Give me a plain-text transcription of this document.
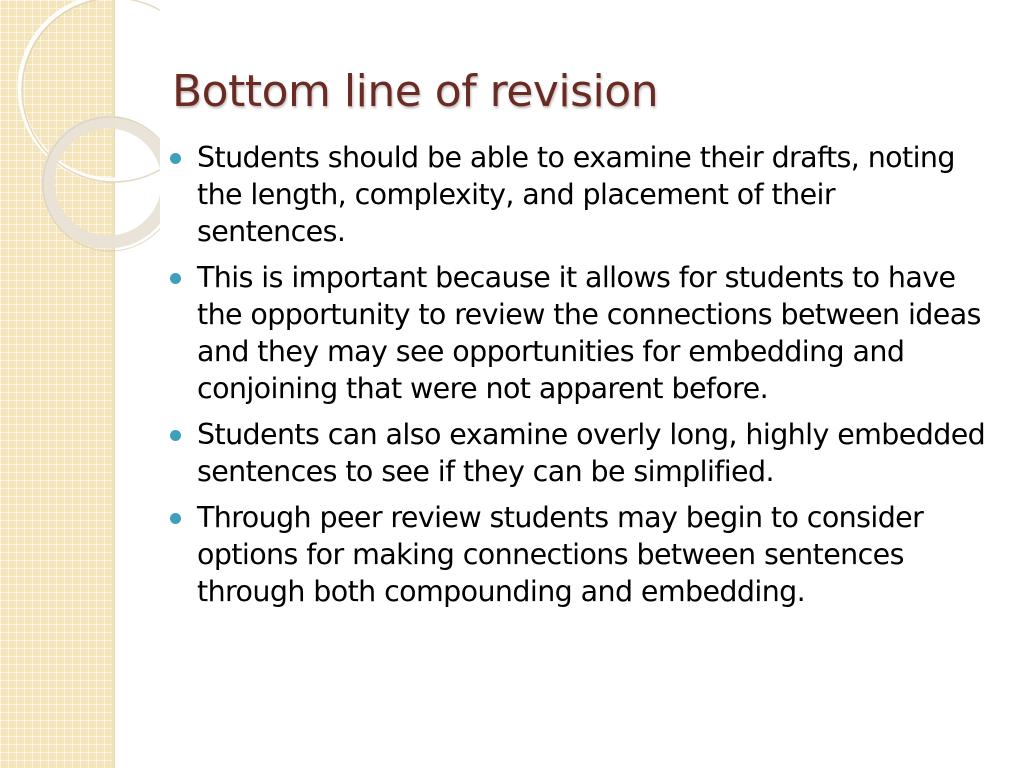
Bottom line of revision
Students should be able to examine their drafts, noting the length, complexity, and placement of their sentences.
This is important because it allows for students to have the opportunity to review the connections between ideas and they may see opportunities for embedding and conjoining that were not apparent before.
Students can also examine overly long, highly embedded sentences to see if they can be simplified.
Through peer review students may begin to consider options for making connections between sentences through both compounding and embedding.
